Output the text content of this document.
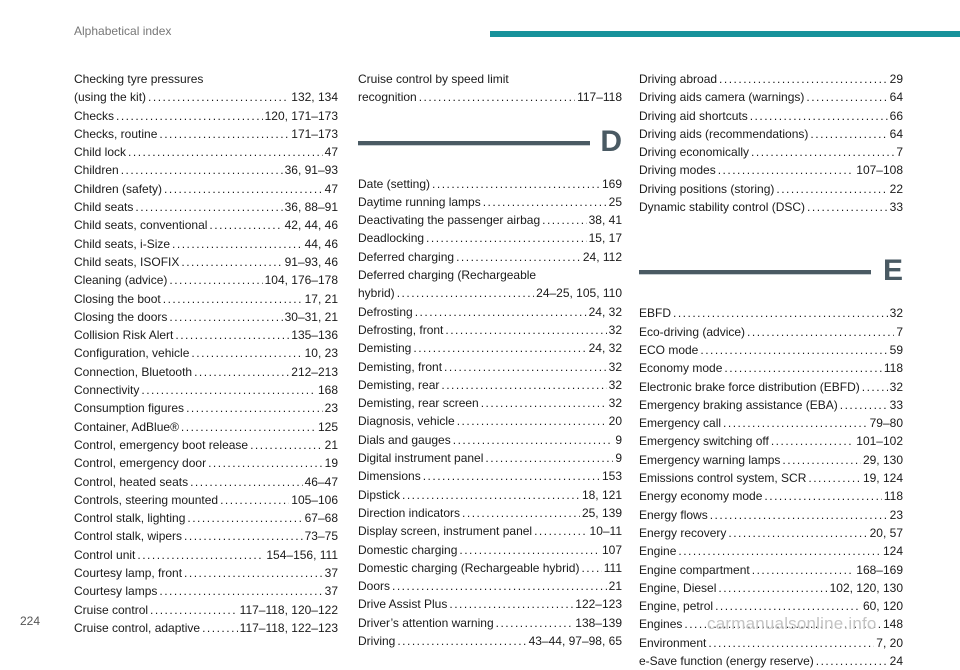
Alphabetical index
Checking tyre pressures
(using the kit) .....	132, 134
Checks .....	120, 171–173
Checks, routine .....	171–173
Child lock .....	47
Children .....	36, 91–93
Children (safety) .....	47
Child seats .....	36, 88–91
Child seats, conventional .....	42, 44, 46
Child seats, i-Size .....	44, 46
Child seats, ISOFIX .....	91–93, 46
Cleaning (advice) .....	104, 176–178
Closing the boot .....	17, 21
Closing the doors .....	30–31, 21
Collision Risk Alert .....	135–136
Configuration, vehicle .....	10, 23
Connection, Bluetooth .....	212–213
Connectivity .....	168
Consumption figures .....	23
Container, AdBlue® .....	125
Control, emergency boot release .....	21
Control, emergency door .....	19
Control, heated seats .....	46–47
Controls, steering mounted .....	105–106
Control stalk, lighting .....	67–68
Control stalk, wipers .....	73–75
Control unit .....	154–156, 111
Courtesy lamp, front .....	37
Courtesy lamps .....	37
Cruise control .....	117–118, 120–122
Cruise control, adaptive .....	117–118, 122–123
Cruise control by speed limit
recognition .....	117–118
D
Date (setting) .....	169
Daytime running lamps .....	25
Deactivating the passenger airbag .....	38, 41
Deadlocking .....	15, 17
Deferred charging .....	24, 112
Deferred charging (Rechargeable
hybrid) .....	24–25, 105, 110
Defrosting .....	24, 32
Defrosting, front .....	32
Demisting .....	24, 32
Demisting, front .....	32
Demisting, rear .....	32
Demisting, rear screen .....	32
Diagnosis, vehicle .....	20
Dials and gauges .....	9
Digital instrument panel .....	9
Dimensions .....	153
Dipstick .....	18, 121
Direction indicators .....	25, 139
Display screen, instrument panel .....	10–11
Domestic charging .....	107
Domestic charging (Rechargeable hybrid) ..... 111
Doors .....	21
Drive Assist Plus .....	122–123
Driver’s attention warning .....	138–139
Driving .....	43–44, 97–98, 65
Driving abroad .....	29
Driving aids camera (warnings) .....	64
Driving aid shortcuts .....	66
Driving aids (recommendations) .....	64
Driving economically .....	7
Driving modes .....	107–108
Driving positions (storing) .....	22
Dynamic stability control (DSC) .....	33
E
EBFD .....	32
Eco-driving (advice) .....	7
ECO mode .....	59
Economy mode .....	118
Electronic brake force distribution (EBFD) ..... 32
Emergency braking assistance (EBA) .....	33
Emergency call .....	79–80
Emergency switching off .....	101–102
Emergency warning lamps .....	29, 130
Emissions control system, SCR .....	19, 124
Energy economy mode .....	118
Energy flows .....	23
Energy recovery .....	20, 57
Engine .....	124
Engine compartment .....	168–169
Engine, Diesel .....	102, 120, 130
Engine, petrol .....	60, 120
Engines .....	148
Environment .....	7, 20
e-Save function (energy reserve) .....	24
224	carmanualsonline.info
